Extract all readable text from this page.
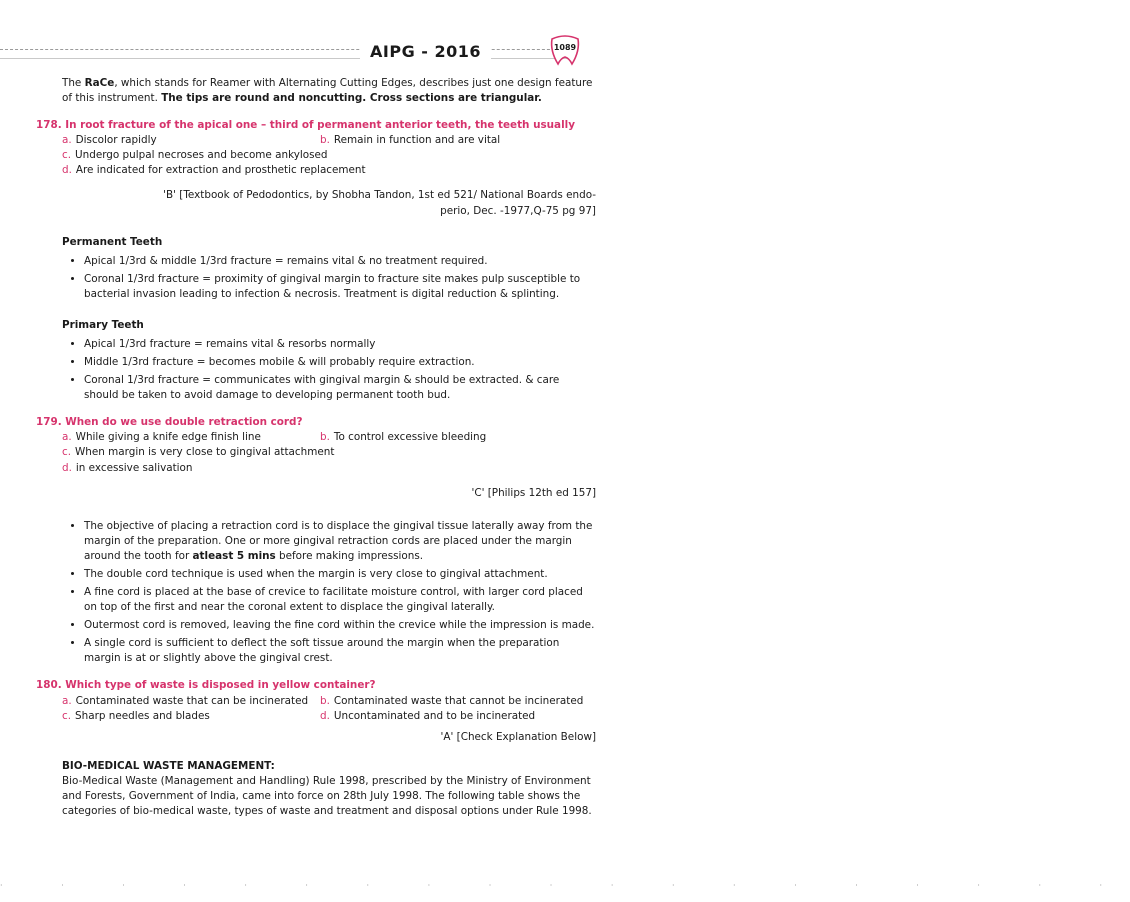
AIPG - 2016	1089

The RaCe, which stands for Reamer with Alternating Cutting Edges, describes just one design feature of this instrument. The tips are round and noncutting. Cross sections are triangular.

178. In root fracture of the apical one – third of permanent anterior teeth, the teeth usually

a. Discolor rapidly	b. Remain in function and are vital
c. Undergo pulpal necroses and become ankylosed
d. Are indicated for extraction and prosthetic replacement

'B' [Textbook of Pedodontics, by Shobha Tandon, 1st ed 521/ National Boards endo-perio, Dec. -1977,Q-75 pg 97]

Permanent Teeth

• Apical 1/3rd & middle 1/3rd fracture = remains vital & no treatment required.
• Coronal 1/3rd fracture = proximity of gingival margin to fracture site makes pulp susceptible to bacterial invasion leading to infection & necrosis. Treatment is digital reduction & splinting.

Primary Teeth

• Apical 1/3rd fracture = remains vital & resorbs normally
• Middle 1/3rd fracture = becomes mobile & will probably require extraction.
• Coronal 1/3rd fracture = communicates with gingival margin & should be extracted. & care should be taken to avoid damage to developing permanent tooth bud.

179. When do we use double retraction cord?

a. While giving a knife edge finish line	b. To control excessive bleeding
c. When margin is very close to gingival attachment
d. in excessive salivation

'C' [Philips 12th ed 157]

• The objective of placing a retraction cord is to displace the gingival tissue laterally away from the margin of the preparation. One or more gingival retraction cords are placed under the margin around the tooth for atleast 5 mins before making impressions.
• The double cord technique is used when the margin is very close to gingival attachment.
• A fine cord is placed at the base of crevice to facilitate moisture control, with larger cord placed on top of the first and near the coronal extent to displace the gingival laterally.
• Outermost cord is removed, leaving the fine cord within the crevice while the impression is made.
• A single cord is sufficient to deflect the soft tissue around the margin when the preparation margin is at or slightly above the gingival crest.

180. Which type of waste is disposed in yellow container?

a. Contaminated waste that can be incinerated	b. Contaminated waste that cannot be incinerated
c. Sharp needles and blades	d. Uncontaminated and to be incinerated

'A' [Check Explanation Below]

BIO-MEDICAL WASTE MANAGEMENT:

Bio-Medical Waste (Management and Handling) Rule 1998, prescribed by the Ministry of Environment and Forests, Government of India, came into force on 28th July 1998. The following table shows the categories of bio-medical waste, types of waste and treatment and disposal options under Rule 1998.

· · · · · · · · · · · · · · · · · · ·
